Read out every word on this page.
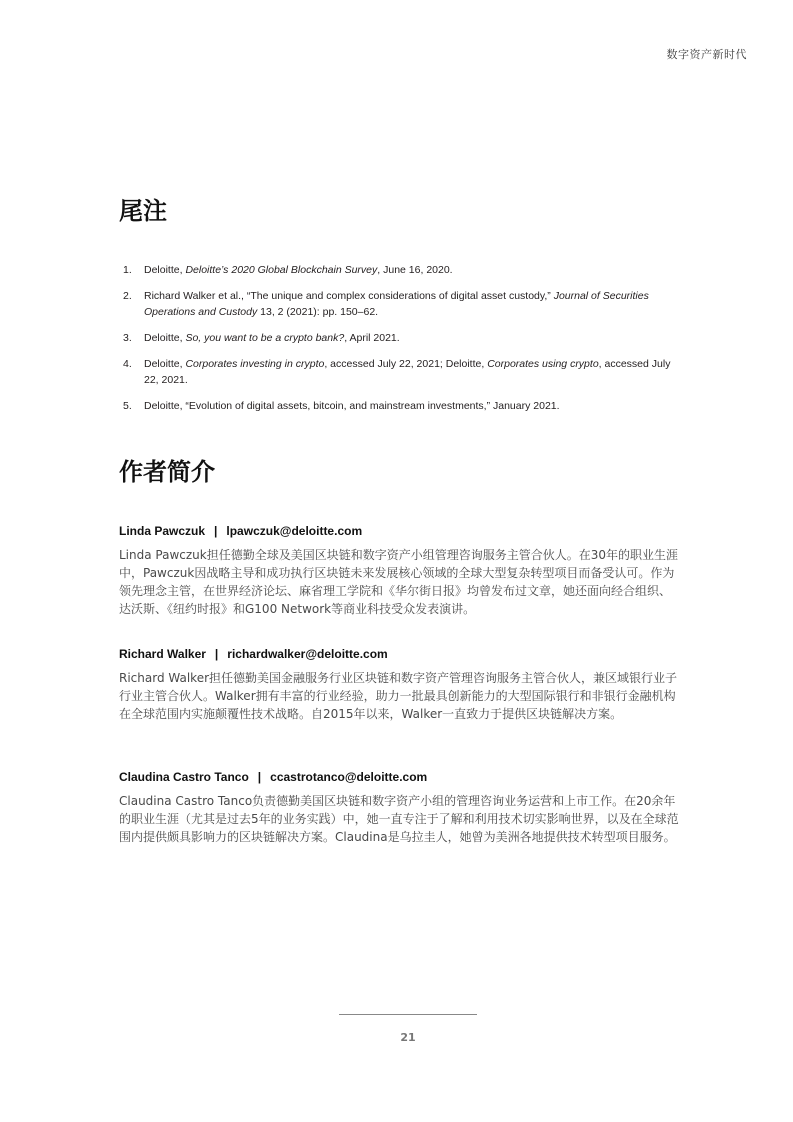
数字资产新时代
尾注
1. Deloitte, Deloitte’s 2020 Global Blockchain Survey, June 16, 2020.
2. Richard Walker et al., “The unique and complex considerations of digital asset custody,” Journal of Securities Operations and Custody 13, 2 (2021): pp. 150–62.
3. Deloitte, So, you want to be a crypto bank?, April 2021.
4. Deloitte, Corporates investing in crypto, accessed July 22, 2021; Deloitte, Corporates using crypto, accessed July 22, 2021.
5. Deloitte, “Evolution of digital assets, bitcoin, and mainstream investments,” January 2021.
作者简介

Linda Pawczuk | lpawczuk@deloitte.com

Linda Pawczuk担任德勤全球及美国区块链和数字资产小组管理咨询服务主管合伙人。在30年的职业生涯中，Pawczuk因战略主导和成功执行区块链未来发展核心领域的全球大型复杂转型项目而备受认可。作为领先理念主管，在世界经济论坛、麻省理工学院和《华尔街日报》均曾发布过文章，她还面向经合组织、达沃斯、《纽约时报》和G100 Network等商业科技受众发表演讲。

Richard Walker | richardwalker@deloitte.com

Richard Walker担任德勤美国金融服务行业区块链和数字资产管理咨询服务主管合伙人，兼区域银行业子行业主管合伙人。Walker拥有丰富的行业经验，助力一批最具创新能力的大型国际银行和非银行金融机构在全球范围内实施颠覆性技术战略。自2015年以来，Walker一直致力于提供区块链解决方案。

Claudina Castro Tanco | ccastrotanco@deloitte.com

Claudina Castro Tanco负责德勤美国区块链和数字资产小组的管理咨询业务运营和上市工作。在20余年的职业生涯（尤其是过去5年的业务实践）中，她一直专注于了解和利用技术切实影响世界，以及在全球范围内提供颇具影响力的区块链解决方案。Claudina是乌拉圭人，她曾为美洲各地提供技术转型项目服务。

21
